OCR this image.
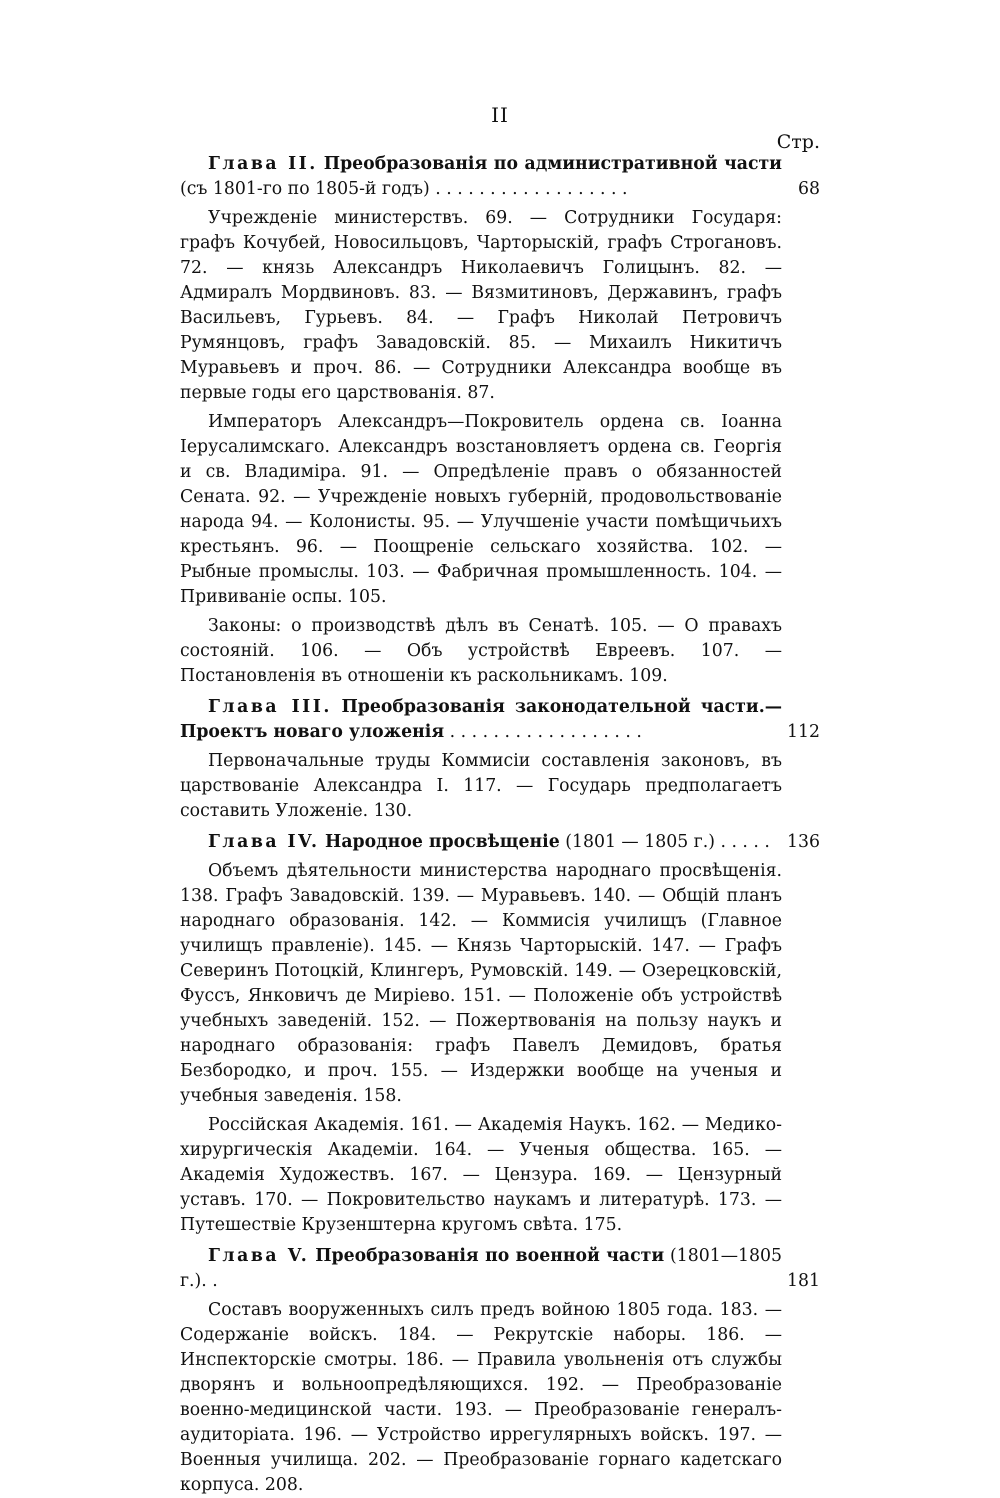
II
Стр.

Глава II. Преобразованія по административной части (съ 1801-го по 1805-й годъ) . . . . . . . . . . . . . . . . . .	68

Учрежденіе министерствъ. 69. — Сотрудники Государя: графъ Кочубей, Новосильцовъ, Чарторыскій, графъ Строгановъ. 72. — князь Александръ Николаевичъ Голицынъ. 82. — Адмиралъ Мордвиновъ. 83. — Вязмитиновъ, Державинъ, графъ Васильевъ, Гурьевъ. 84. — Графъ Николай Петровичъ Румянцовъ, графъ Завадовскій. 85. — Михаилъ Никитичъ Муравьевъ и проч. 86. — Сотрудники Александра вообще въ первые годы его царствованія. 87.

Императоръ Александръ—Покровитель ордена св. Іоанна Іерусалимскаго. Александръ возстановляетъ ордена св. Георгія и св. Владиміра. 91. — Опредѣленіе правъ о обязанностей Сената. 92. — Учрежденіе новыхъ губерній, продовольствованіе народа 94. — Колонисты. 95. — Улучшеніе участи помѣщичьихъ крестьянъ. 96. — Поощреніе сельскаго хозяйства. 102. — Рыбные промыслы. 103. — Фабричная промышленность. 104. — Прививаніе оспы. 105.

Законы: о производствѣ дѣлъ въ Сенатѣ. 105. — О правахъ состояній. 106. — Объ устройствѣ Евреевъ. 107. — Постановленія въ отношеніи къ раскольникамъ. 109.

Глава III. Преобразованія законодательной части.—Проектъ новаго уложенія . . . . . . . . . . . . . . . . . .	112

Первоначальные труды Коммисіи составленія законовъ, въ царствованіе Александра I. 117. — Государь предполагаетъ составить Уложеніе. 130.

Глава IV. Народное просвѣщеніе (1801 — 1805 г.) . . . . . 136

Объемъ дѣятельности министерства народнаго просвѣщенія. 138. Графъ Завадовскій. 139. — Муравьевъ. 140. — Общій планъ народнаго образованія. 142. — Коммисія училищъ (Главное училищъ правленіе). 145. — Князь Чарторыскій. 147. — Графъ Северинъ Потоцкій, Клингеръ, Румовскій. 149. — Озерецковскій, Фуссъ, Янковичъ де Миріево. 151. — Положеніе объ устройствѣ учебныхъ заведеній. 152. — Пожертвованія на пользу наукъ и народнаго образованія: графъ Павелъ Демидовъ, братья Безбородко, и проч. 155. — Издержки вообще на ученыя и учебныя заведенія. 158.

Россійская Академія. 161. — Академія Наукъ. 162. — Медико-хирургическія Академіи. 164. — Ученыя общества. 165. — Академія Художествъ. 167. — Цензура. 169. — Цензурный уставъ. 170. — Покровительство наукамъ и литературѣ. 173. — Путешествіе Крузенштерна кругомъ свѣта. 175.

Глава V. Преобразованія по военной части (1801—1805 г.). .	181

Составъ вооруженныхъ силъ предъ войною 1805 года. 183. — Содержаніе войскъ. 184. — Рекрутскіе наборы. 186. — Инспекторскіе смотры. 186. — Правила увольненія отъ службы дворянъ и вольноопредѣляющихся. 192. — Преобразованіе военно-медицинской части. 193. — Преобразованіе генералъ-аудиторіата. 196. — Устройство иррегулярныхъ войскъ. 197. — Военныя училища. 202. — Преобразованіе горнаго кадетскаго корпуса. 208.
